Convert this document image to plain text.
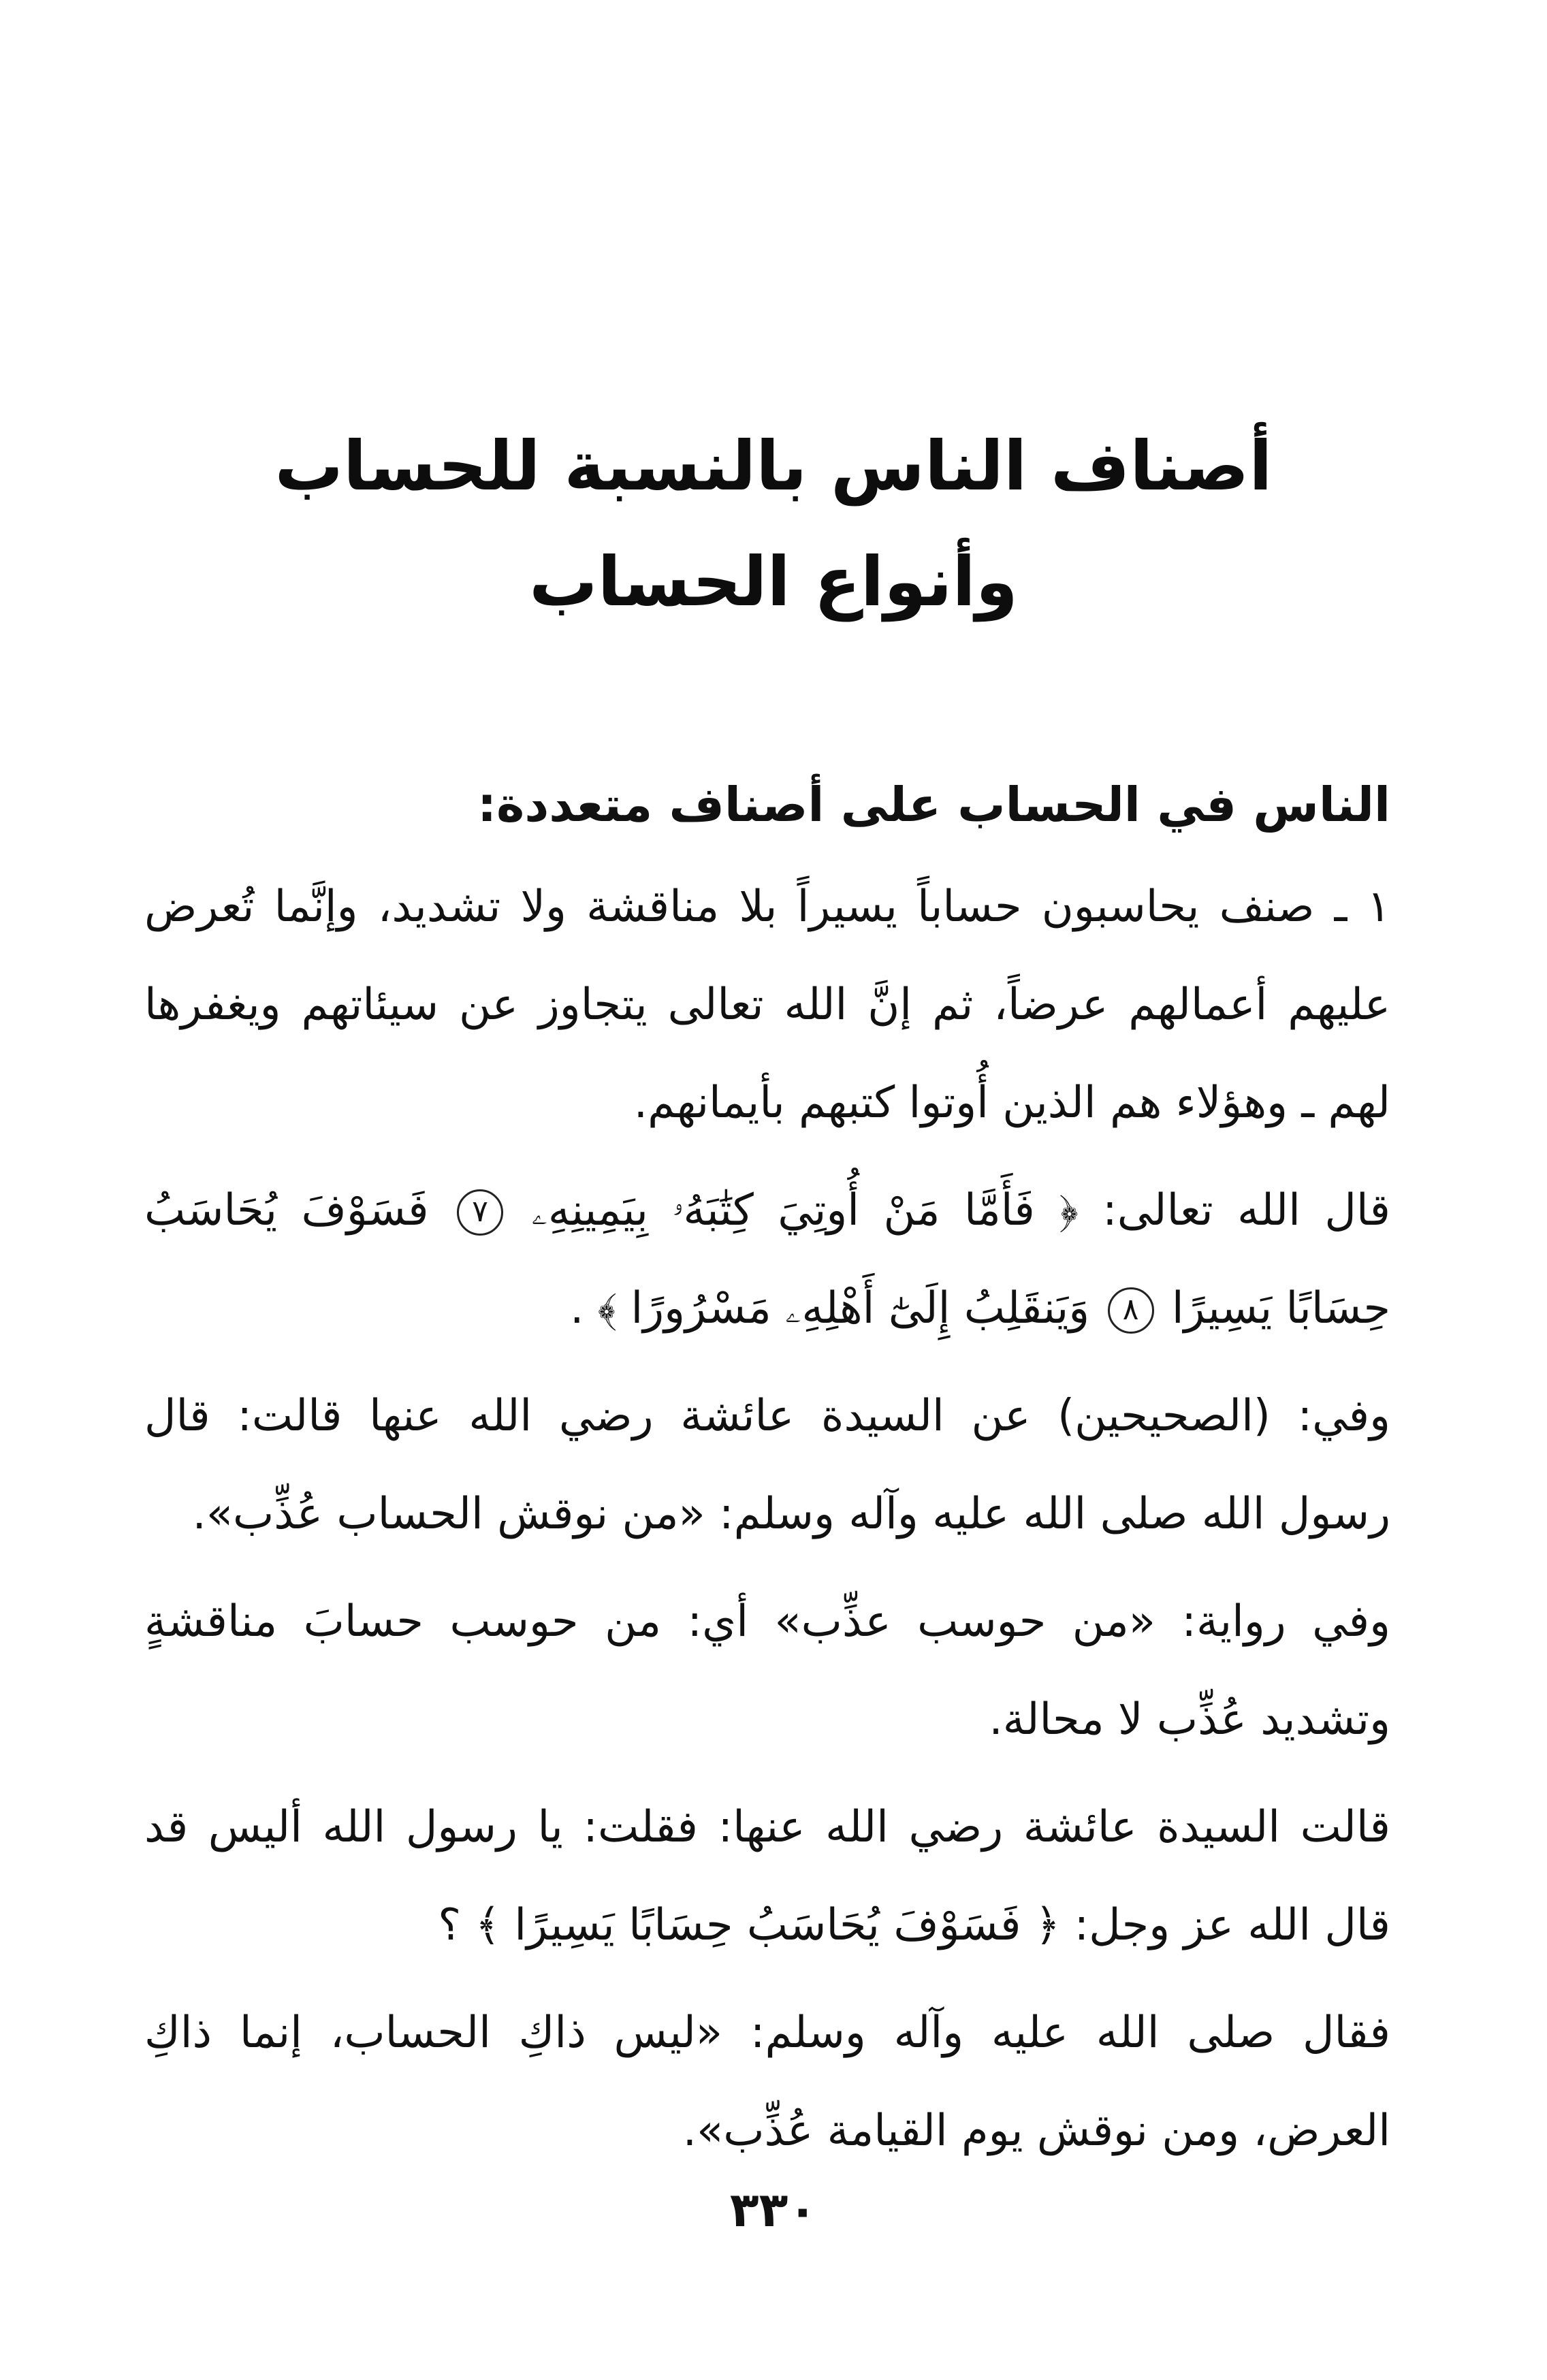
أصناف الناس بالنسبة للحساب
وأنواع الحساب

الناس في الحساب على أصناف متعددة:

١ ـ صنف يحاسبون حساباً يسيراً بلا مناقشة ولا تشديد، وإنَّما تُعرض عليهم أعمالهم عرضاً، ثم إنَّ الله تعالى يتجاوز عن سيئاتهم ويغفرها لهم ـ وهؤلاء هم الذين أُوتوا كتبهم بأيمانهم.

قال الله تعالى: ﴿ فَأَمَّا مَنْ أُوتِيَ كِتَٰبَهُۥ بِيَمِينِهِۦ ٧ فَسَوْفَ يُحَاسَبُ حِسَابًا يَسِيرًا ٨ وَيَنقَلِبُ إِلَىٰٓ أَهْلِهِۦ مَسْرُورًا ﴾ .

وفي: (الصحيحين) عن السيدة عائشة رضي الله عنها قالت: قال رسول الله صلى الله عليه وآله وسلم: «من نوقش الحساب عُذِّب».

وفي رواية: «من حوسب عذِّب» أي: من حوسب حسابَ مناقشةٍ وتشديد عُذِّب لا محالة.

قالت السيدة عائشة رضي الله عنها: فقلت: يا رسول الله أليس قد قال الله عز وجل: ﴿ فَسَوْفَ يُحَاسَبُ حِسَابًا يَسِيرًا ﴾ ؟

فقال صلى الله عليه وآله وسلم: «ليس ذاكِ الحساب، إنما ذاكِ العرض، ومن نوقش يوم القيامة عُذِّب».

٣٣٠
